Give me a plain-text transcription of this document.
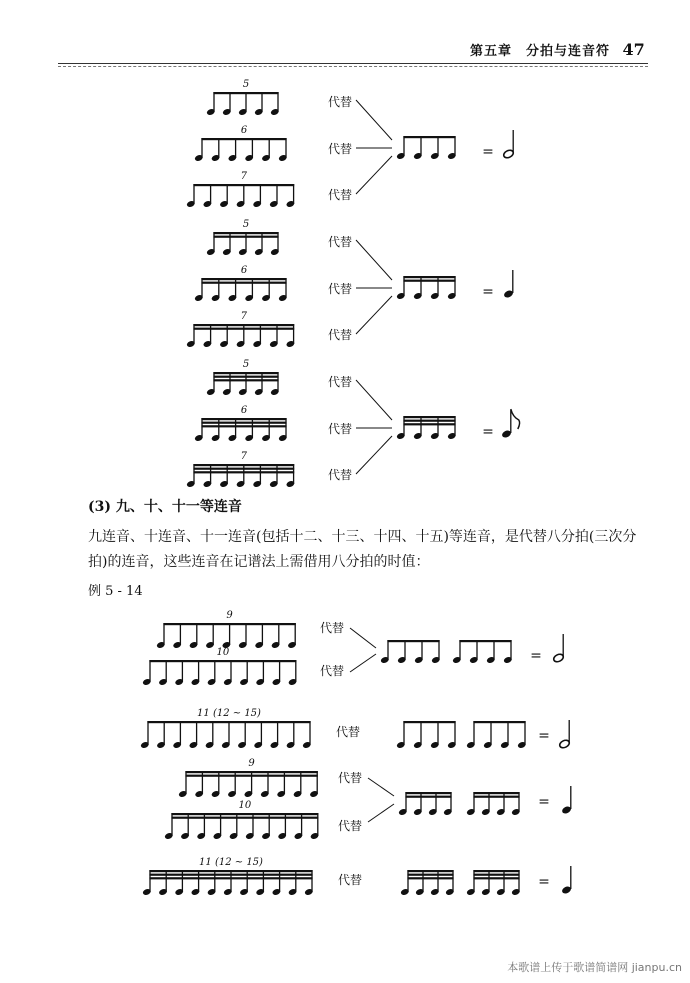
第五章　分拍与连音符 47
5
6
7
代替
代替
代替
=
5
6
7
代替
代替
代替
=
5
6
7
代替
代替
代替
=
9
10
代替
代替
=
11 (12 ~ 15)
代替	=
9
10
代替
代替
=
11 (12 ~ 15)
代替	=
(3) 九、十、十一等连音
九连音、十连音、十一连音(包括十二、十三、十四、十五)等连音，是代替八分拍(三次分拍)的连音，这些连音在记谱法上需借用八分拍的时值：
例 5 - 14
本歌谱上传于歌谱简谱网 jianpu.cn
